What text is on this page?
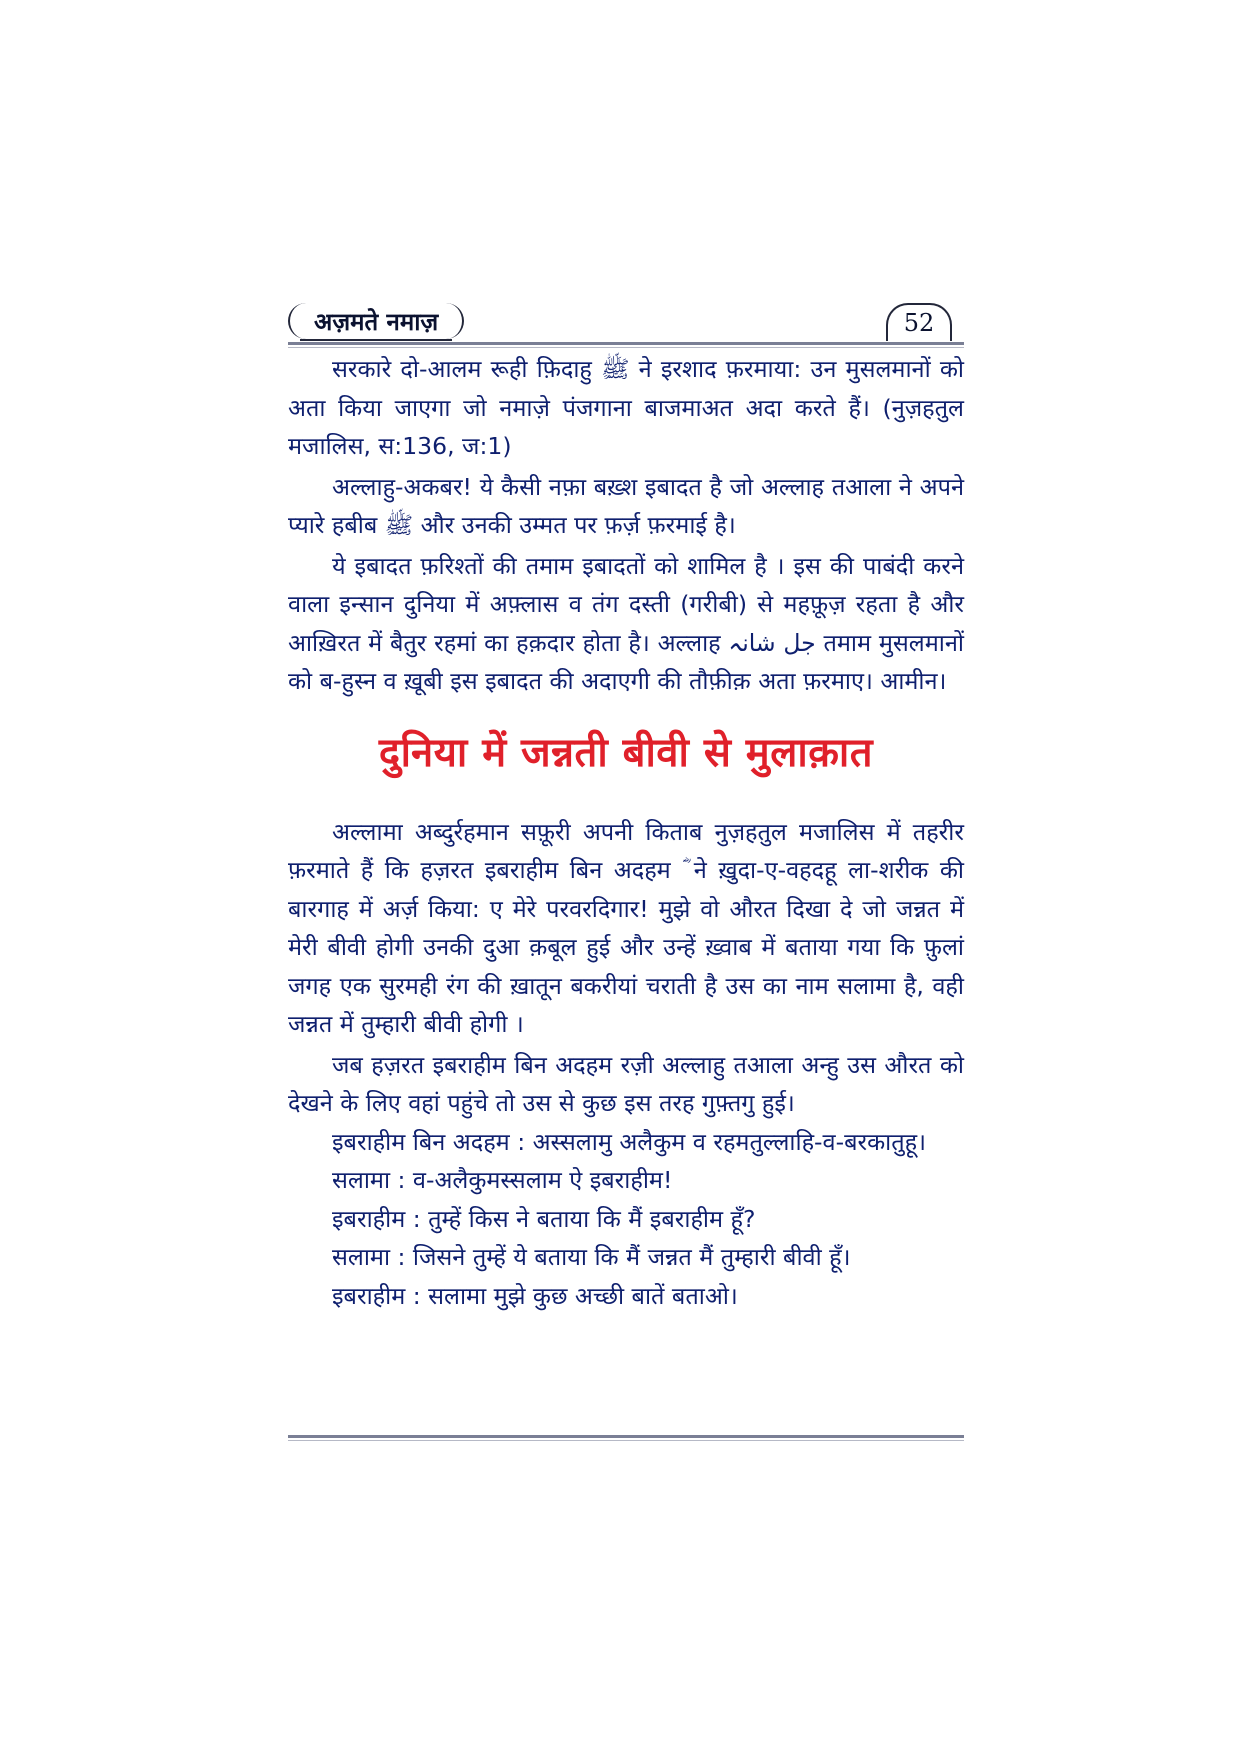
अज़मते नमाज़	52

सरकारे दो-आलम रूही फ़िदाहु ﷺ ने इरशाद फ़रमाया: उन मुसलमानों को अता किया जाएगा जो नमाज़े पंजगाना बाजमाअत अदा करते हैं। (नुज़हतुल मजालिस, स:136, ज:1)

अल्लाहु-अकबर! ये कैसी नफ़ा बख़्श इबादत है जो अल्लाह तआला ने अपने प्यारे हबीब ﷺ और उनकी उम्मत पर फ़र्ज़ फ़रमाई है।

ये इबादत फ़रिश्तों की तमाम इबादतों को शामिल है । इस की पाबंदी करने वाला इन्सान दुनिया में अफ़्लास व तंग दस्ती (गरीबी) से महफ़ूज़ रहता है और आख़िरत में बैतुर रहमां का हक़दार होता है। अल्लाह جل شانہ तमाम मुसलमानों को ब-हुस्न व ख़ूबी इस इबादत की अदाएगी की तौफ़ीक़ अता फ़रमाए। आमीन।

दुनिया में जन्नती बीवी से मुलाक़ात

अल्लामा अब्दुर्रहमान सफ़ूरी अपनी किताब नुज़हतुल मजालिस में तहरीर फ़रमाते हैं कि हज़रत इबराहीम बिन अदहम ؓ ने ख़ुदा-ए-वहदहू ला-शरीक की बारगाह में अर्ज़ किया: ए मेरे परवरदिगार! मुझे वो औरत दिखा दे जो जन्नत में मेरी बीवी होगी उनकी दुआ क़बूल हुई और उन्हें ख़्वाब में बताया गया कि फ़ुलां जगह एक सुरमही रंग की ख़ातून बकरीयां चराती है उस का नाम सलामा है, वही जन्नत में तुम्हारी बीवी होगी ।

जब हज़रत इबराहीम बिन अदहम रज़ी अल्लाहु तआला अन्हु उस औरत को देखने के लिए वहां पहुंचे तो उस से कुछ इस तरह गुफ़्तगु हुई।

इबराहीम बिन अदहम : अस्सलामु अलैकुम व रहमतुल्लाहि-व-बरकातुहू।

सलामा : व-अलैकुमस्सलाम ऐ इबराहीम!

इबराहीम : तुम्हें किस ने बताया कि मैं इबराहीम हूँ?

सलामा : जिसने तुम्हें ये बताया कि मैं जन्नत मैं तुम्हारी बीवी हूँ।

इबराहीम : सलामा मुझे कुछ अच्छी बातें बताओ।
